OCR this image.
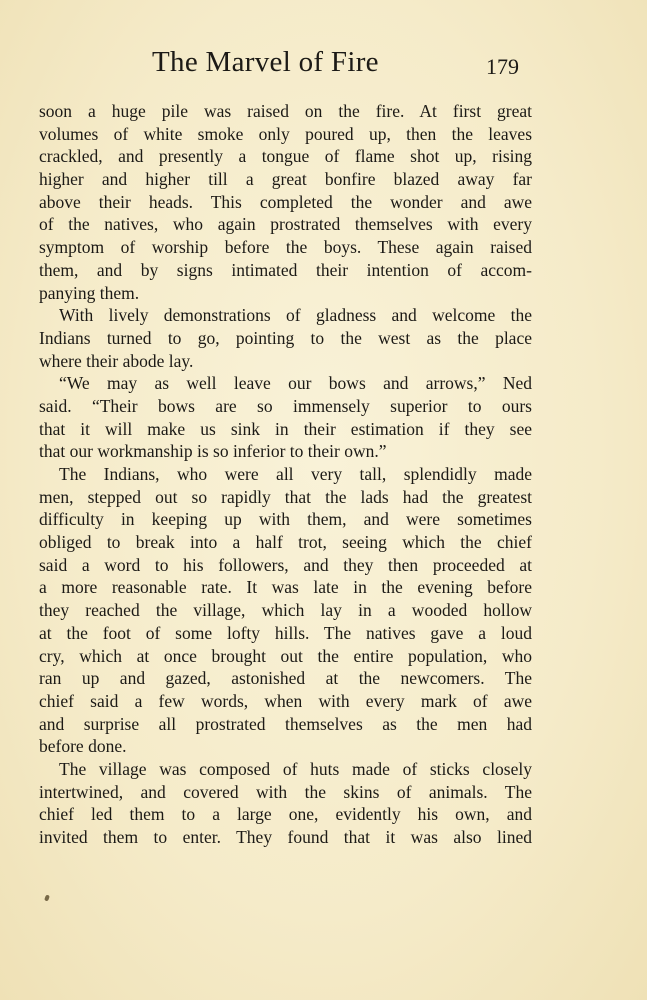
The Marvel of Fire	179

soon a huge pile was raised on the fire. At first great
volumes of white smoke only poured up, then the leaves
crackled, and presently a tongue of flame shot up, rising
higher and higher till a great bonfire blazed away far
above their heads. This completed the wonder and awe
of the natives, who again prostrated themselves with every
symptom of worship before the boys. These again raised
them, and by signs intimated their intention of accom-
panying them.

With lively demonstrations of gladness and welcome the
Indians turned to go, pointing to the west as the place
where their abode lay.

“We may as well leave our bows and arrows,” Ned
said. “Their bows are so immensely superior to ours
that it will make us sink in their estimation if they see
that our workmanship is so inferior to their own.”

The Indians, who were all very tall, splendidly made
men, stepped out so rapidly that the lads had the greatest
difficulty in keeping up with them, and were sometimes
obliged to break into a half trot, seeing which the chief
said a word to his followers, and they then proceeded at
a more reasonable rate. It was late in the evening before
they reached the village, which lay in a wooded hollow
at the foot of some lofty hills. The natives gave a loud
cry, which at once brought out the entire population, who
ran up and gazed, astonished at the newcomers. The
chief said a few words, when with every mark of awe
and surprise all prostrated themselves as the men had
before done.

The village was composed of huts made of sticks closely
intertwined, and covered with the skins of animals. The
chief led them to a large one, evidently his own, and
invited them to enter. They found that it was also lined
